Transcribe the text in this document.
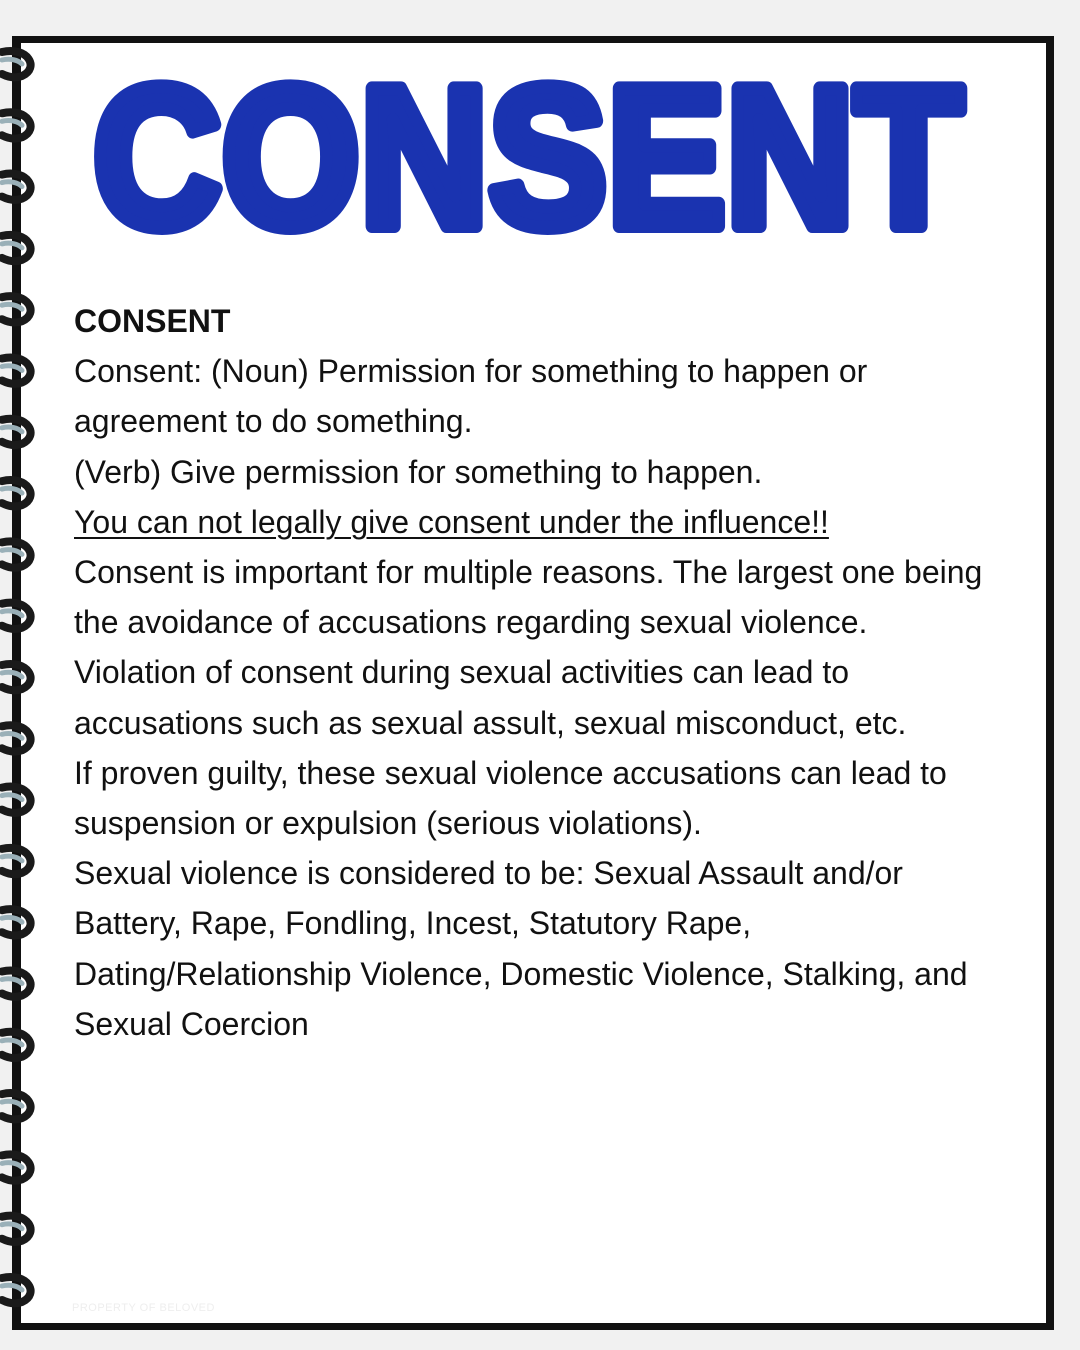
CONSENT

CONSENT

Consent: (Noun) Permission for something to happen or agreement to do something.

(Verb) Give permission for something to happen.

You can not legally give consent under the influence!!

Consent is important for multiple reasons. The largest one being the avoidance of accusations regarding sexual violence.

Violation of consent during sexual activities can lead to accusations such as sexual assult, sexual misconduct, etc.

If proven guilty, these sexual violence accusations can lead to suspension or expulsion (serious violations).

Sexual violence is considered to be: Sexual Assault and/or Battery, Rape, Fondling, Incest, Statutory Rape, Dating/Relationship Violence, Domestic Violence, Stalking, and Sexual Coercion

PROPERTY OF BELOVED
